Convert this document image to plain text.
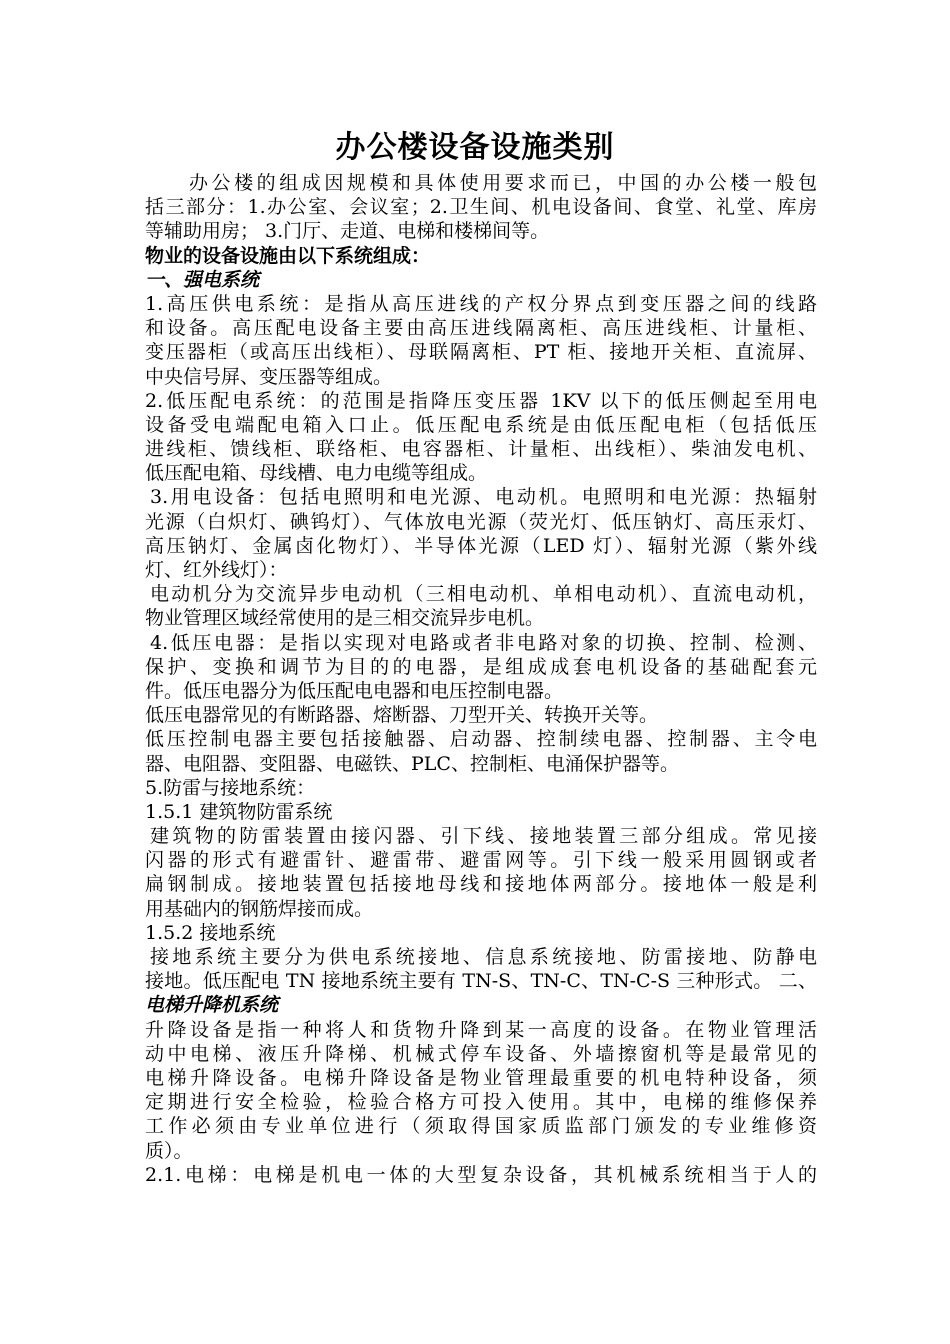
办公楼设备设施类别
办公楼的组成因规模和具体使用要求而已，中国的办公楼一般包
括三部分：1.办公室、会议室；2.卫生间、机电设备间、食堂、礼堂、库房
等辅助用房； 3.门厅、走道、电梯和楼梯间等。
物业的设备设施由以下系统组成：
一、强电系统
1.高压供电系统：是指从高压进线的产权分界点到变压器之间的线路
和设备。高压配电设备主要由高压进线隔离柜、高压进线柜、计量柜、
变压器柜（或高压出线柜）、母联隔离柜、PT 柜、接地开关柜、直流屏、
中央信号屏、变压器等组成。
2.低压配电系统：的范围是指降压变压器 1KV 以下的低压侧起至用电
设备受电端配电箱入口止。低压配电系统是由低压配电柜（包括低压
进线柜、馈线柜、联络柜、电容器柜、计量柜、出线柜）、柴油发电机、
低压配电箱、母线槽、电力电缆等组成。
3.用电设备：包括电照明和电光源、电动机。电照明和电光源：热辐射
光源（白炽灯、碘钨灯）、气体放电光源（荧光灯、低压钠灯、高压汞灯、
高压钠灯、金属卤化物灯）、半导体光源（LED 灯）、辐射光源（紫外线
灯、红外线灯）：
电动机分为交流异步电动机（三相电动机、单相电动机）、直流电动机，
物业管理区域经常使用的是三相交流异步电机。
4.低压电器：是指以实现对电路或者非电路对象的切换、控制、检测、
保护、变换和调节为目的的电器，是组成成套电机设备的基础配套元
件。低压电器分为低压配电电器和电压控制电器。
低压电器常见的有断路器、熔断器、刀型开关、转换开关等。
低压控制电器主要包括接触器、启动器、控制续电器、控制器、主令电
器、电阻器、变阻器、电磁铁、PLC、控制柜、电涌保护器等。
5.防雷与接地系统：
1.5.1 建筑物防雷系统
建筑物的防雷装置由接闪器、引下线、接地装置三部分组成。常见接
闪器的形式有避雷针、避雷带、避雷网等。引下线一般采用圆钢或者
扁钢制成。接地装置包括接地母线和接地体两部分。接地体一般是利
用基础内的钢筋焊接而成。
1.5.2 接地系统
接地系统主要分为供电系统接地、信息系统接地、防雷接地、防静电
接地。低压配电 TN 接地系统主要有 TN-S、TN-C、TN-C-S 三种形式。 二、
电梯升降机系统
升降设备是指一种将人和货物升降到某一高度的设备。在物业管理活
动中电梯、液压升降梯、机械式停车设备、外墙擦窗机等是最常见的
电梯升降设备。电梯升降设备是物业管理最重要的机电特种设备，须
定期进行安全检验，检验合格方可投入使用。其中，电梯的维修保养
工作必须由专业单位进行（须取得国家质监部门颁发的专业维修资
质）。
2.1.电梯：电梯是机电一体的大型复杂设备，其机械系统相当于人的
